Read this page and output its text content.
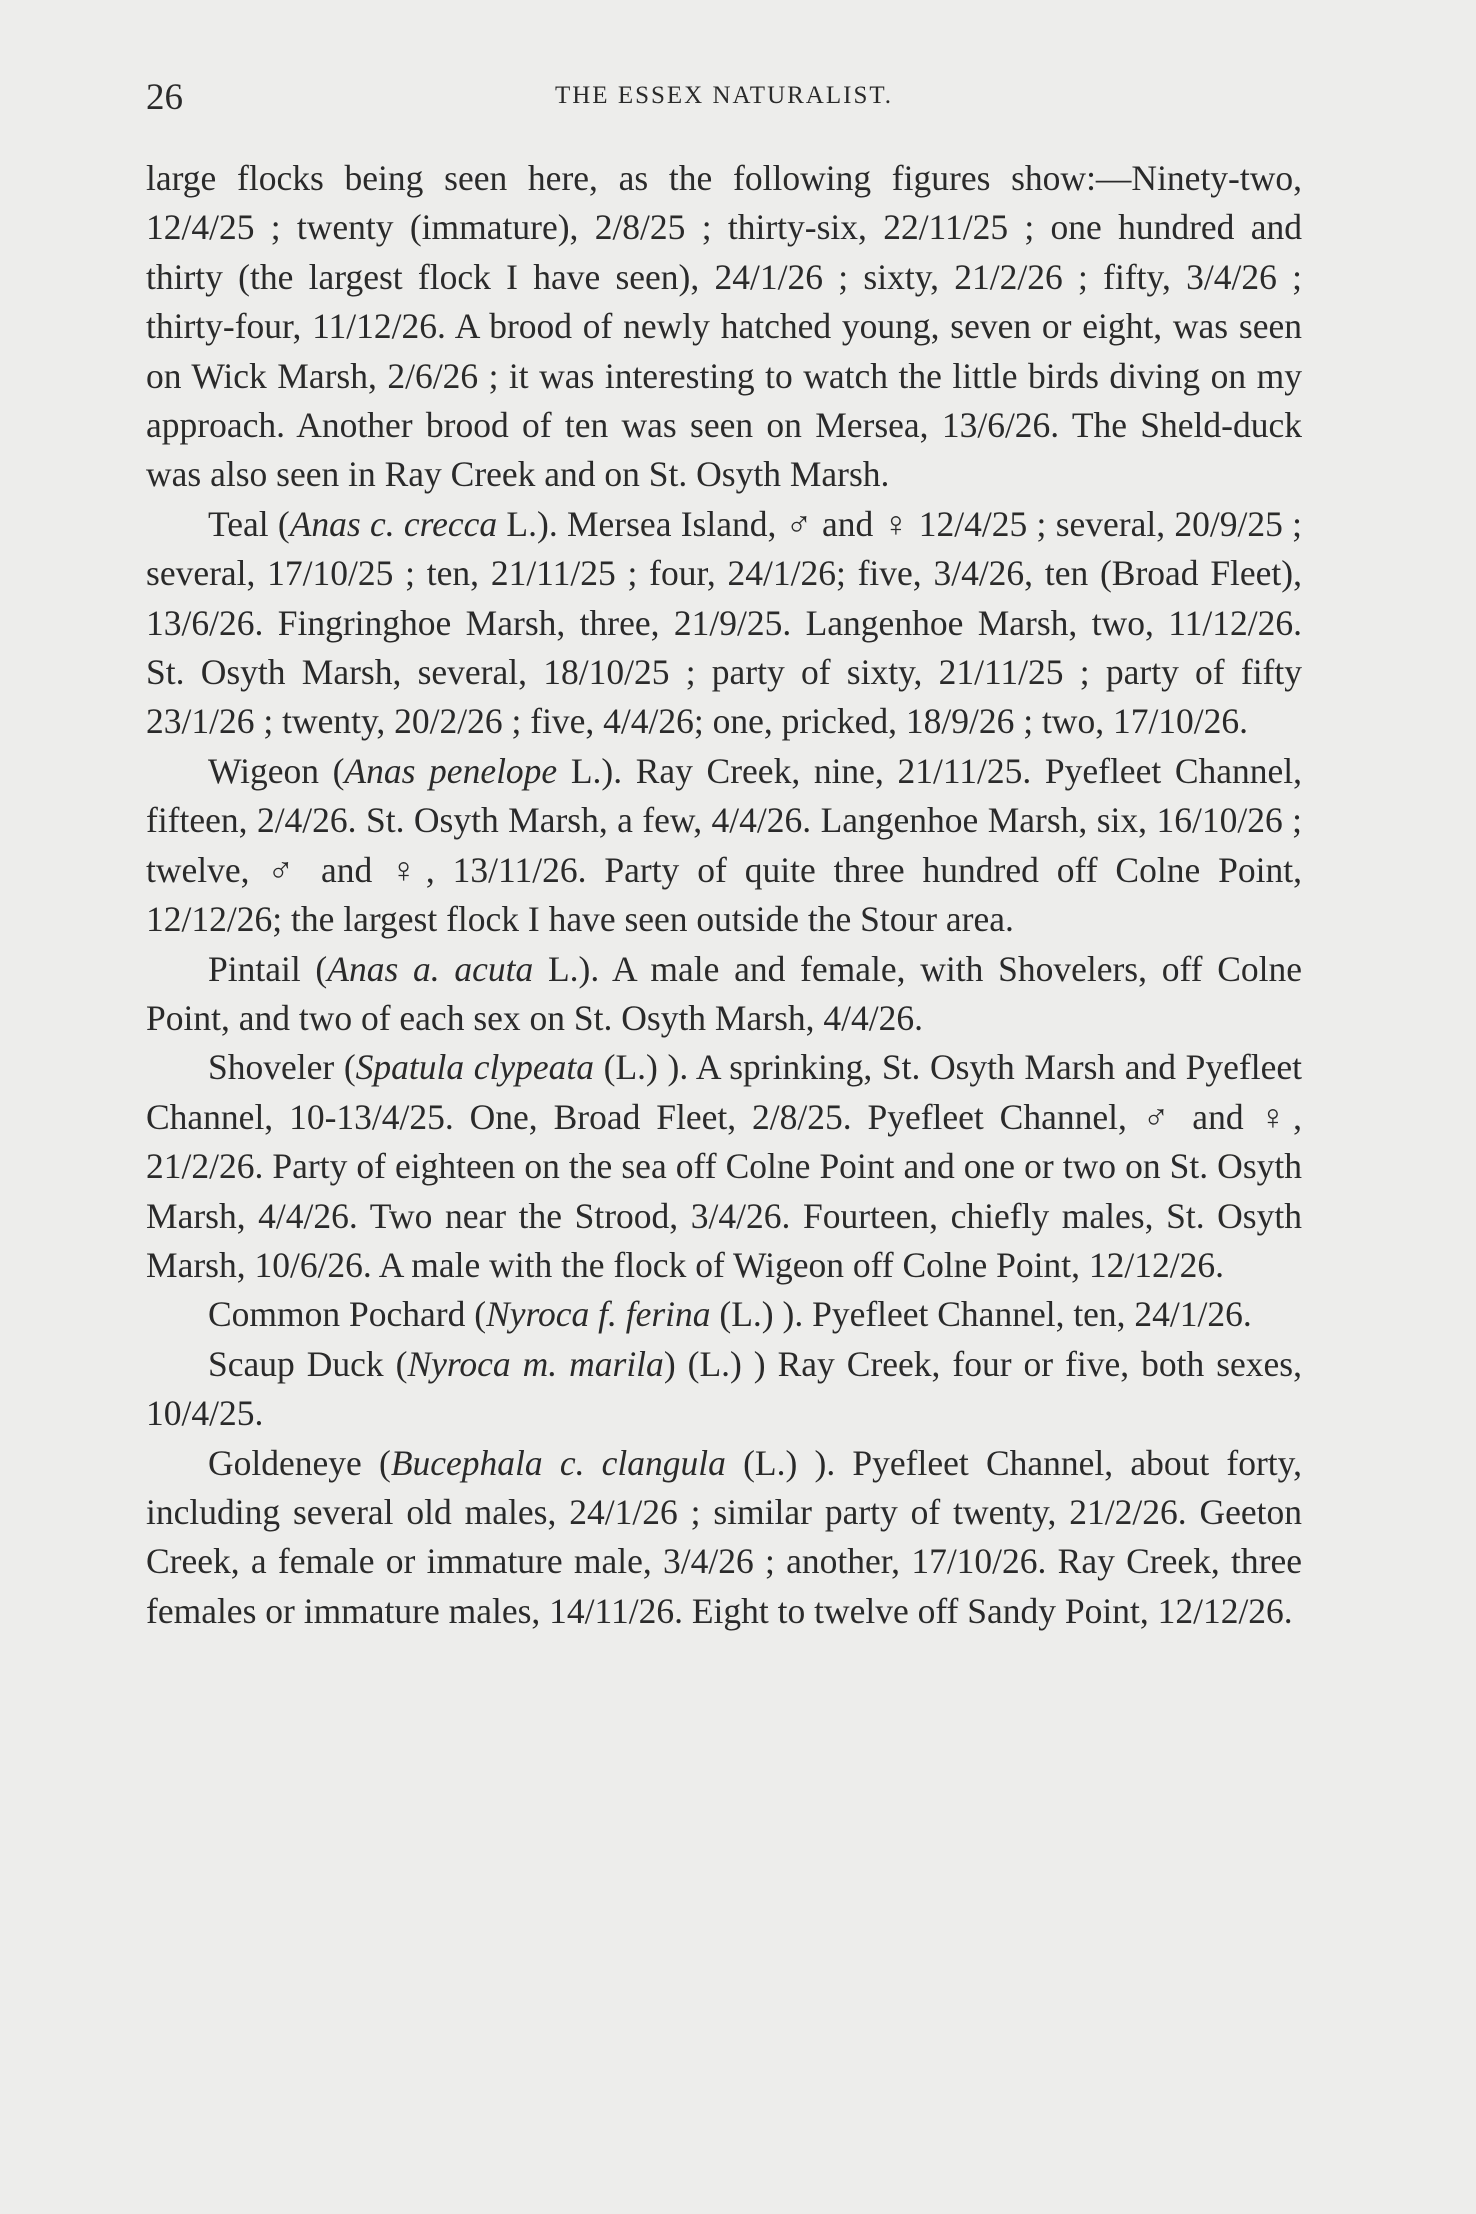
26	THE ESSEX NATURALIST.

large flocks being seen here, as the following figures show:—Ninety-two, 12/4/25 ; twenty (immature), 2/8/25 ; thirty-six, 22/11/25 ; one hundred and thirty (the largest flock I have seen), 24/1/26 ; sixty, 21/2/26 ; fifty, 3/4/26 ; thirty-four, 11/12/26. A brood of newly hatched young, seven or eight, was seen on Wick Marsh, 2/6/26 ; it was interesting to watch the little birds diving on my approach. Another brood of ten was seen on Mersea, 13/6/26. The Sheld-duck was also seen in Ray Creek and on St. Osyth Marsh.

Teal (Anas c. crecca L.). Mersea Island, ♂ and ♀ 12/4/25 ; several, 20/9/25 ; several, 17/10/25 ; ten, 21/11/25 ; four, 24/1/26; five, 3/4/26, ten (Broad Fleet), 13/6/26. Fingringhoe Marsh, three, 21/9/25. Langenhoe Marsh, two, 11/12/26. St. Osyth Marsh, several, 18/10/25 ; party of sixty, 21/11/25 ; party of fifty 23/1/26 ; twenty, 20/2/26 ; five, 4/4/26; one, pricked, 18/9/26 ; two, 17/10/26.

Wigeon (Anas penelope L.). Ray Creek, nine, 21/11/25. Pyefleet Channel, fifteen, 2/4/26. St. Osyth Marsh, a few, 4/4/26. Langenhoe Marsh, six, 16/10/26 ; twelve, ♂ and ♀, 13/11/26. Party of quite three hundred off Colne Point, 12/12/26; the largest flock I have seen outside the Stour area.

Pintail (Anas a. acuta L.). A male and female, with Shovelers, off Colne Point, and two of each sex on St. Osyth Marsh, 4/4/26.

Shoveler (Spatula clypeata (L.) ). A sprinking, St. Osyth Marsh and Pyefleet Channel, 10-13/4/25. One, Broad Fleet, 2/8/25. Pyefleet Channel, ♂ and ♀, 21/2/26. Party of eighteen on the sea off Colne Point and one or two on St. Osyth Marsh, 4/4/26. Two near the Strood, 3/4/26. Fourteen, chiefly males, St. Osyth Marsh, 10/6/26. A male with the flock of Wigeon off Colne Point, 12/12/26.

Common Pochard (Nyroca f. ferina (L.) ). Pyefleet Channel, ten, 24/1/26.

Scaup Duck (Nyroca m. marila) (L.) ) Ray Creek, four or five, both sexes, 10/4/25.

Goldeneye (Bucephala c. clangula (L.) ). Pyefleet Channel, about forty, including several old males, 24/1/26 ; similar party of twenty, 21/2/26. Geeton Creek, a female or immature male, 3/4/26 ; another, 17/10/26. Ray Creek, three females or immature males, 14/11/26. Eight to twelve off Sandy Point, 12/12/26.
